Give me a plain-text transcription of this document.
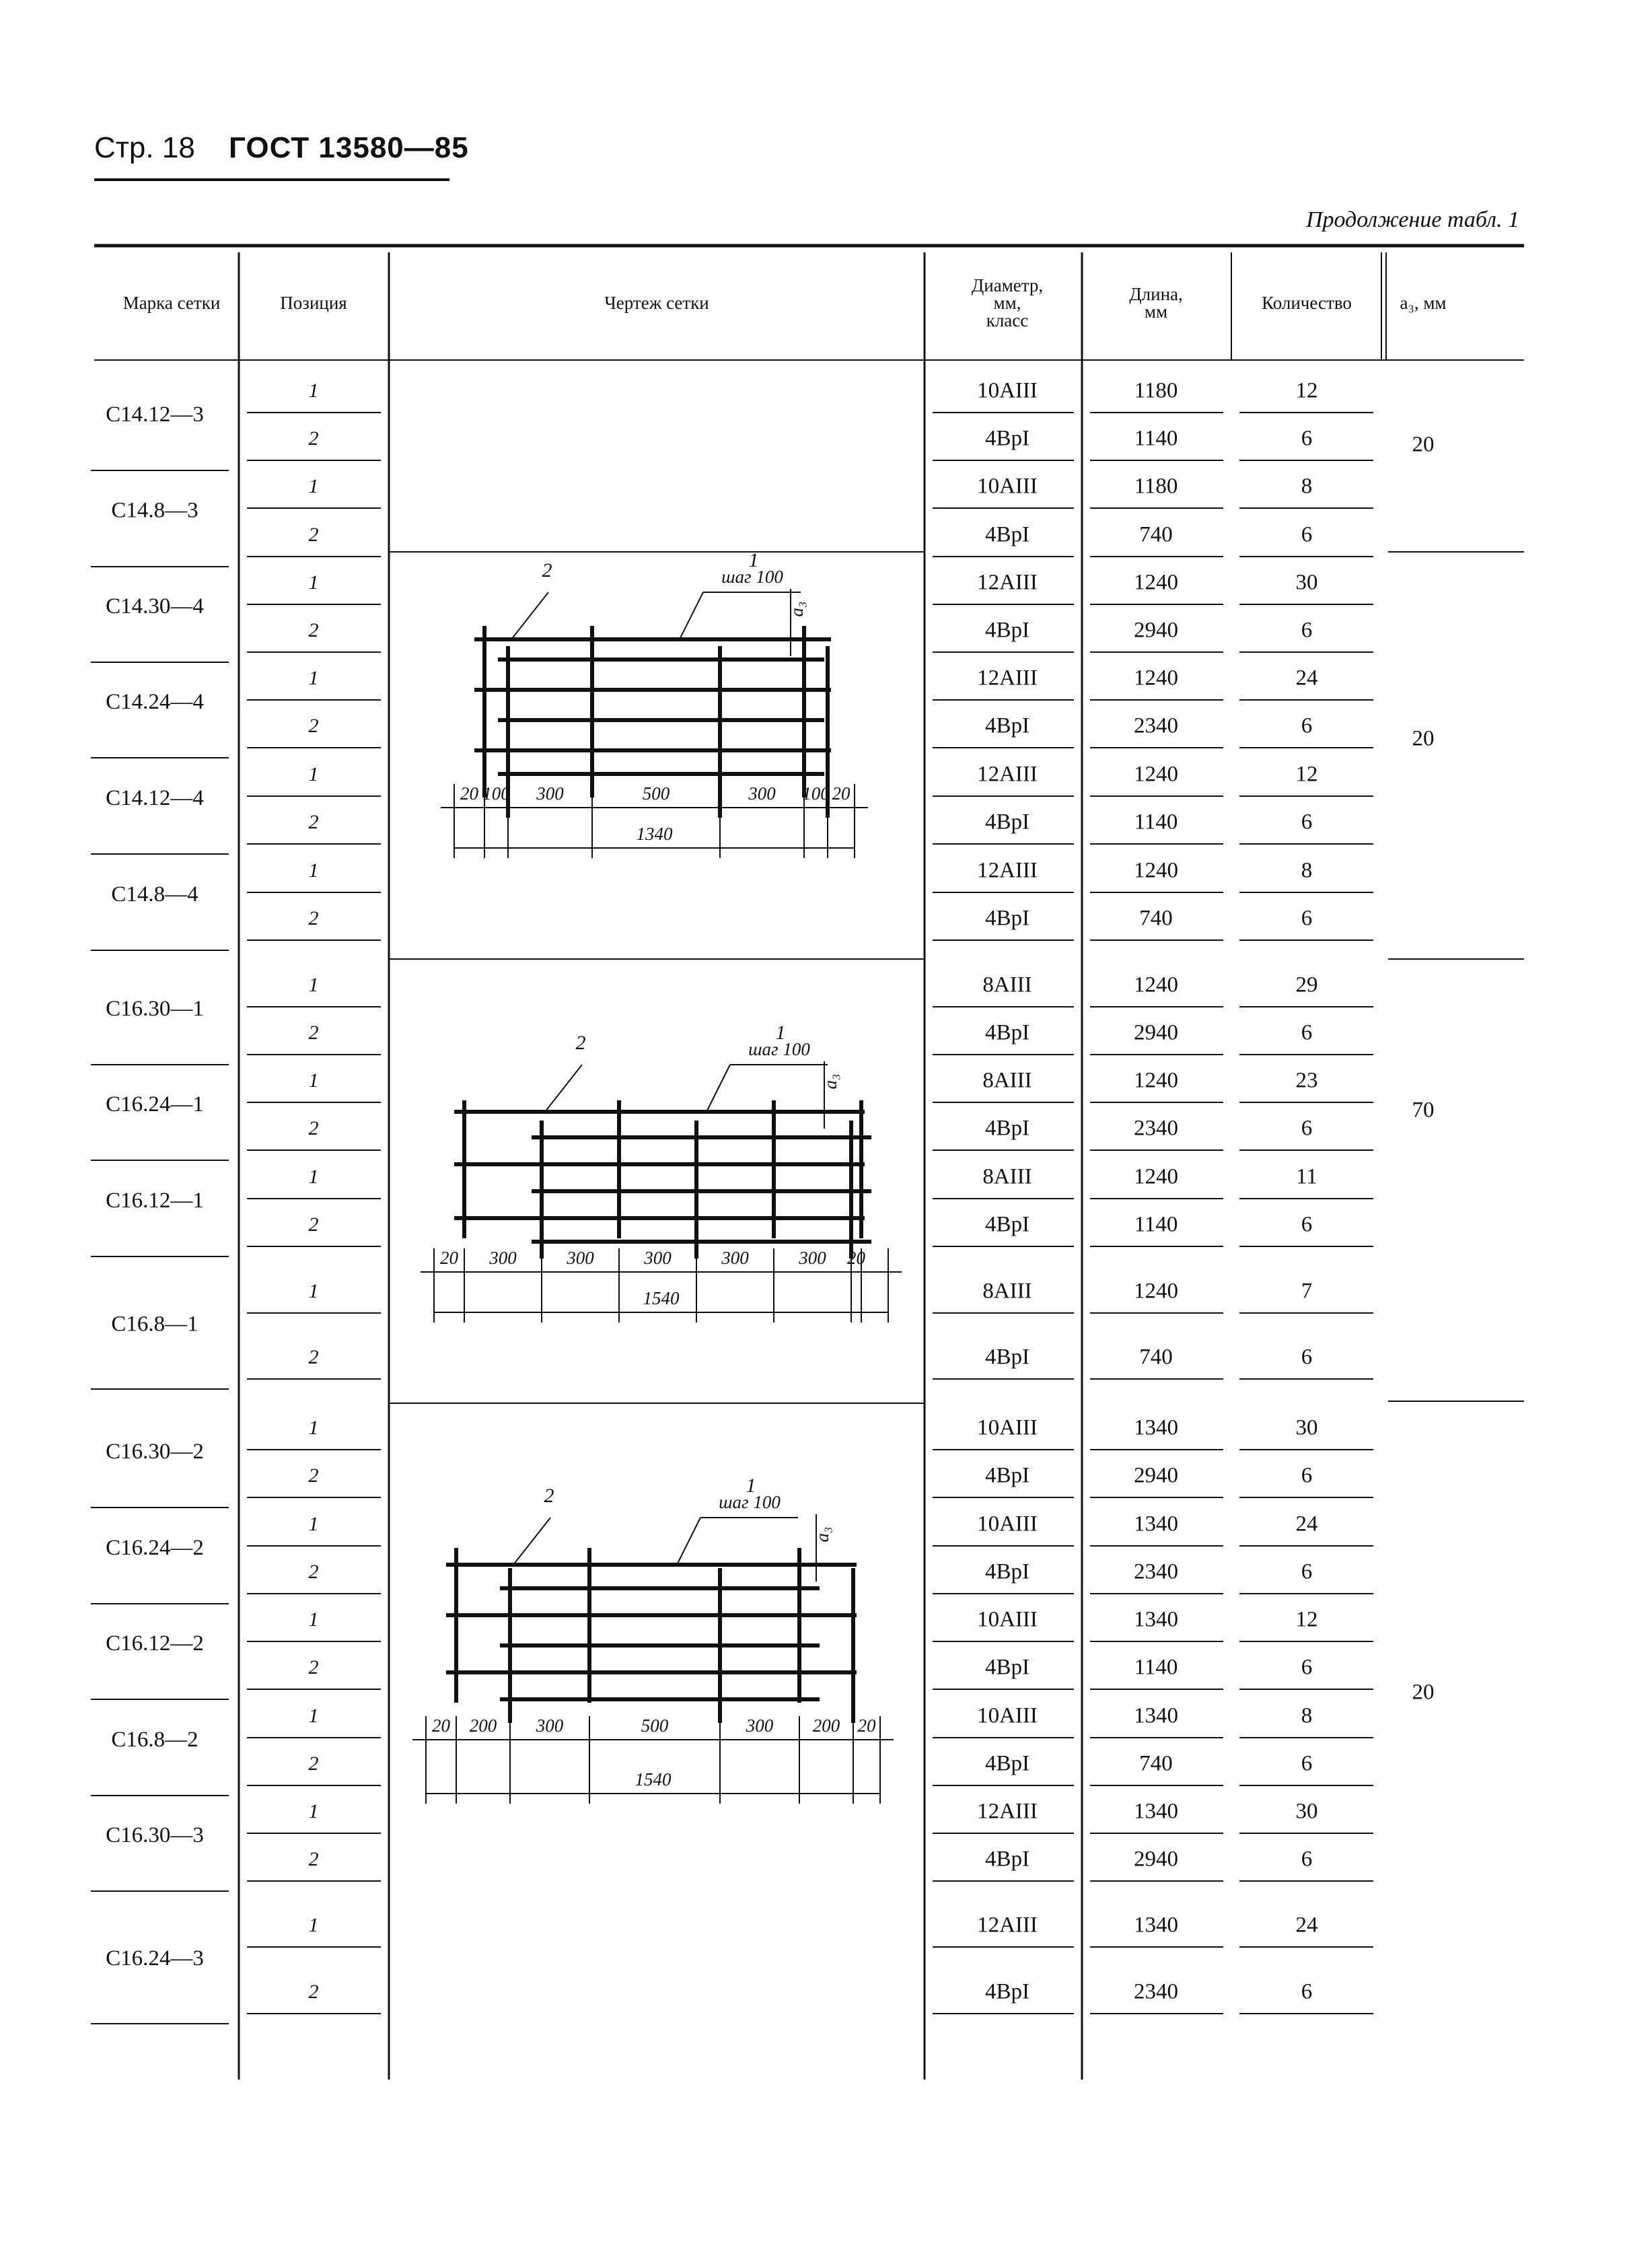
Стр. 18 ГОСТ 13580—85
Продолжение табл. 1
Марка сетки	Позиция	Чертеж сетки
Диаметр,
мм,
класс
Длина,
мм	Количество	a₃, мм
С14.12—3
1	10АIII	1180	12
2	4ВрI	1140	6
С14.8—3
1	10АIII	1180	8
2	4ВрI	740	6
20
С14.30—4
1	12АIII	1240	30
2	4ВрI	2940	6
С14.24—4
1	12АIII	1240	24
2	4ВрI	2340	6
С14.12—4
1	12АIII	1240	12
2	4ВрI	1140	6
С14.8—4
1	12АIII	1240	8
2	4ВрI	740	6
20
С16.30—1
1	8АIII	1240	29
2	4ВрI	2940	6
С16.24—1
1	8АIII	1240	23
2	4ВрI	2340	6
С16.12—1
1	8АIII	1240	11
2	4ВрI	1140	6
С16.8—1
1	8АIII	1240	7
2	4ВрI	740	6
70
С16.30—2
1	10АIII	1340	30
2	4ВрI	2940	6
С16.24—2
1	10АIII	1340	24
2	4ВрI	2340	6
С16.12—2
1	10АIII	1340	12
2	4ВрI	1140	6
С16.8—2
1	10АIII	1340	8
2	4ВрI	740	6
С16.30—3
1	12АIII	1340	30
2	4ВрI	2940	6
С16.24—3
1	12АIII	1340	24
2	4ВрI	2340	6
20
2	1
шаг 100
a₃
20 100 300	500	300 100 20
1340
2	1
шаг 100
a₃
20 300	300	300	300	300 20
1540
2	1
шаг 100
a₃
20 200 300	500	300 200 20
1540
